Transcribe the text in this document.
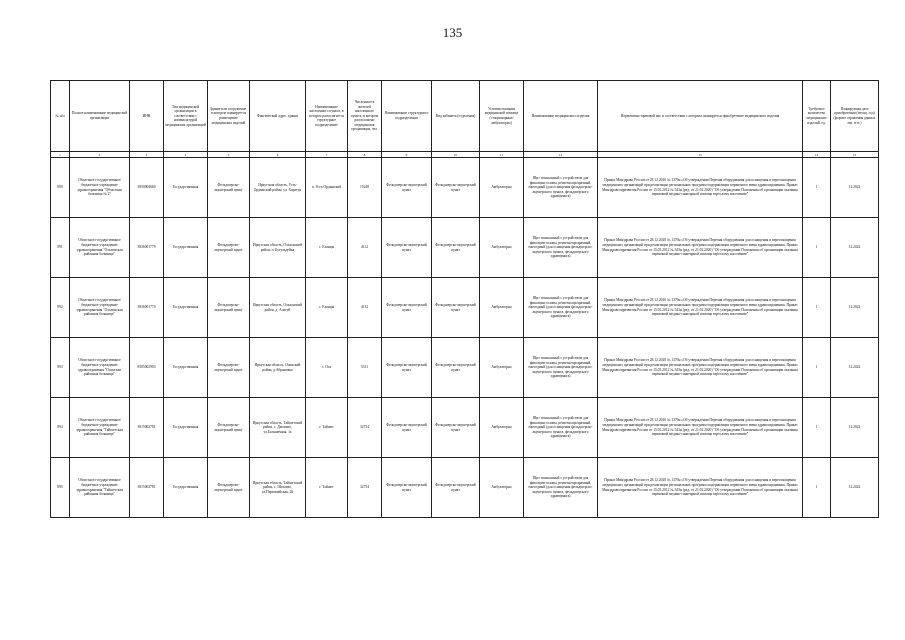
135
№ п/п	Полное наименование медицинской организации	ИНН	Тип медицинской организации в соответствии с номенклатурой медицинских организаций	Здание или сооружение, в котором планируется размещение медицинских изделий	Фактический адрес здания	Наименование населенного пункта, в котором располагается структурное подразделение	Численность жителей населенного пункта, в котором расположено медицинская организация, чел.	Наименование структурного подразделения	Вид кабинета (отделения)	Условия оказания медицинской помощи (стационарные/амбулаторно)	Наименование медицинского изделия	Нормативно-правовой акт, в соответствии с которым планируется приобретение медицинского изделия	Требуемое количество медицинских изделий, ед.	Планируемая дата приобретения (месяц, год) (формат отражения данных мм. гггг.)
1	2	3	4	5	6	7	8	9	10	11	12	13	14	15
890	Областное государственное бюджетное учреждение здравоохранения "Областная больница № 2"	3850004660	Государственная	Фельдшерско-акушерский пункт	Иркутская область, Усть-Ордынский район, ул. Харагун	п. Усть-Ордынский	15248	Фельдшерско-акушерский пункт	Фельдшерско-акушерский пункт	Амбулаторно	Щит спинальный с устройством для фиксации головы, рентгенопрозрачный, ежегодный (для оснащения фельдшерско-акушерского пункта, фельдшерского здравпункта)	Приказ Минздрава России от 28.12.2020 № 1379н «Об утверждении Перечня оборудования для оснащения и переоснащения медицинских организаций при реализации региональных программ модернизации первичного звена здравоохранения» Приказ Минздравсоцразвития России от 15.05.2012 № 543н (ред. от 21.02.2020) "Об утверждении Положения об организации оказания первичной медико-санитарной помощи взрослому населению"	1	12.2022
891	Областное государственное бюджетное учреждение здравоохранения "Ольхонская районная больница"	3836001779	Государственная	Фельдшерско-акушерский пункт	Иркутская область, Ольхонский район, п. Бугульдейка	с. Еланцы	4112	Фельдшерско-акушерский пункт	Фельдшерско-акушерский пункт	Амбулаторно	Щит спинальный с устройством для фиксации головы, рентгенопрозрачный, ежегодный (для оснащения фельдшерско-акушерского пункта, фельдшерского здравпункта)	Приказ Минздрава России от 28.12.2020 № 1379н «Об утверждении Перечня оборудования для оснащения и переоснащения медицинских организаций при реализации региональных программ модернизации первичного звена здравоохранения» Приказ Минздравсоцразвития России от 15.05.2012 № 543н (ред. от 21.02.2020) "Об утверждении Положения об организации оказания первичной медико-санитарной помощи взрослому населению"	1	12.2022
892	Областное государственное бюджетное учреждение здравоохранения "Ольхонская районная больница"	3836001779	Государственная	Фельдшерско-акушерский пункт	Иркутская область, Ольхонский район, д. Алагуй	с. Еланцы	4112	Фельдшерско-акушерский пункт	Фельдшерско-акушерский пункт	Амбулаторно	Щит спинальный с устройством для фиксации головы, рентгенопрозрачный, ежегодный (для оснащения фельдшерско-акушерского пункта, фельдшерского здравпункта)	Приказ Минздрава России от 28.12.2020 № 1379н «Об утверждении Перечня оборудования для оснащения и переоснащения медицинских организаций при реализации региональных программ модернизации первичного звена здравоохранения» Приказ Минздравсоцразвития России от 15.05.2012 № 543н (ред. от 21.02.2020) "Об утверждении Положения об организации оказания первичной медико-санитарной помощи взрослому населению"	1	12.2022
893	Областное государственное бюджетное учреждение здравоохранения "Осинская районная больница"	8505002903	Государственная	Фельдшерско-акушерский пункт	Иркутская область, Осинский район, д.Абрамовка	с. Оса	5311	Фельдшерско-акушерский пункт	Фельдшерско-акушерский пункт	Амбулаторно	Щит спинальный с устройством для фиксации головы, рентгенопрозрачный, ежегодный (для оснащения фельдшерско-акушерского пункта, фельдшерского здравпункта)	Приказ Минздрава России от 28.12.2020 № 1379н «Об утверждении Перечня оборудования для оснащения и переоснащения медицинских организаций при реализации региональных программ модернизации первичного звена здравоохранения» Приказ Минздравсоцразвития России от 15.05.2012 № 543н (ред. от 21.02.2020) "Об утверждении Положения об организации оказания первичной медико-санитарной помощи взрослому населению"	1	12.2022
894	Областное государственное бюджетное учреждение здравоохранения "Тайшетская районная больница"	3815002781	Государственная	Фельдшерско-акушерский пункт	Иркутская область, Тайшетский район, с. Джогино, ул.Болынечная, 1а	г. Тайшет	32754	Фельдшерско-акушерский пункт	Фельдшерско-акушерский пункт	Амбулаторно	Щит спинальный с устройством для фиксации головы, рентгенопрозрачный, ежегодный (для оснащения фельдшерско-акушерского пункта, фельдшерского здравпункта)	Приказ Минздрава России от 28.12.2020 № 1379н «Об утверждении Перечня оборудования для оснащения и переоснащения медицинских организаций при реализации региональных программ модернизации первичного звена здравоохранения» Приказ Минздравсоцразвития России от 15.05.2012 № 543н (ред. от 21.02.2020) "Об утверждении Положения об организации оказания первичной медико-санитарной помощи взрослому населению"	1	12.2022
895	Областное государственное бюджетное учреждение здравоохранения "Тайшетская районная больница"	3815002781	Государственная	Фельдшерско-акушерский пункт	Иркутская область, Тайшетский район, с. Шелаево, ул.Первомайская, 26	г. Тайшет	32754	Фельдшерско-акушерский пункт	Фельдшерско-акушерский пункт	Амбулаторно	Щит спинальный с устройством для фиксации головы, рентгенопрозрачный, ежегодный (для оснащения фельдшерско-акушерского пункта, фельдшерского здравпункта)	Приказ Минздрава России от 28.12.2020 № 1379н «Об утверждении Перечня оборудования для оснащения и переоснащения медицинских организаций при реализации региональных программ модернизации первичного звена здравоохранения» Приказ Минздравсоцразвития России от 15.05.2012 № 543н (ред. от 21.02.2020) "Об утверждении Положения об организации оказания первичной медико-санитарной помощи взрослому населению"	1	12.2022
